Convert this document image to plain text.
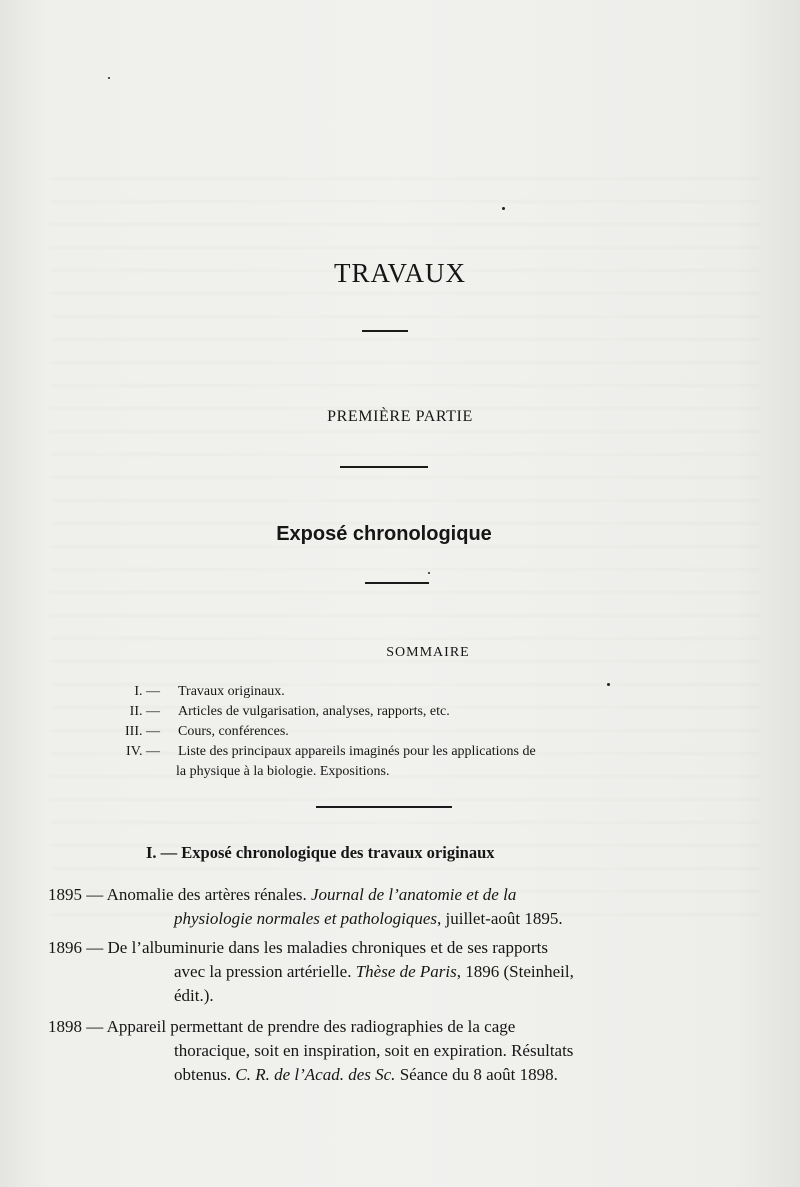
TRAVAUX
PREMIÈRE PARTIE
Exposé chronologique
SOMMAIRE
I. — Travaux originaux.
II. — Articles de vulgarisation, analyses, rapports, etc.
III. — Cours, conférences.
IV. — Liste des principaux appareils imaginés pour les applications de
la physique à la biologie. Expositions.
I. — Exposé chronologique des travaux originaux
1895 — Anomalie des artères rénales. Journal de l’anatomie et de la
physiologie normales et pathologiques, juillet-août 1895.
1896 — De l’albuminurie dans les maladies chroniques et de ses rapports
avec la pression artérielle. Thèse de Paris, 1896 (Steinheil,
édit.).
1898 — Appareil permettant de prendre des radiographies de la cage
thoracique, soit en inspiration, soit en expiration. Résultats
obtenus. C. R. de l’Acad. des Sc. Séance du 8 août 1898.
